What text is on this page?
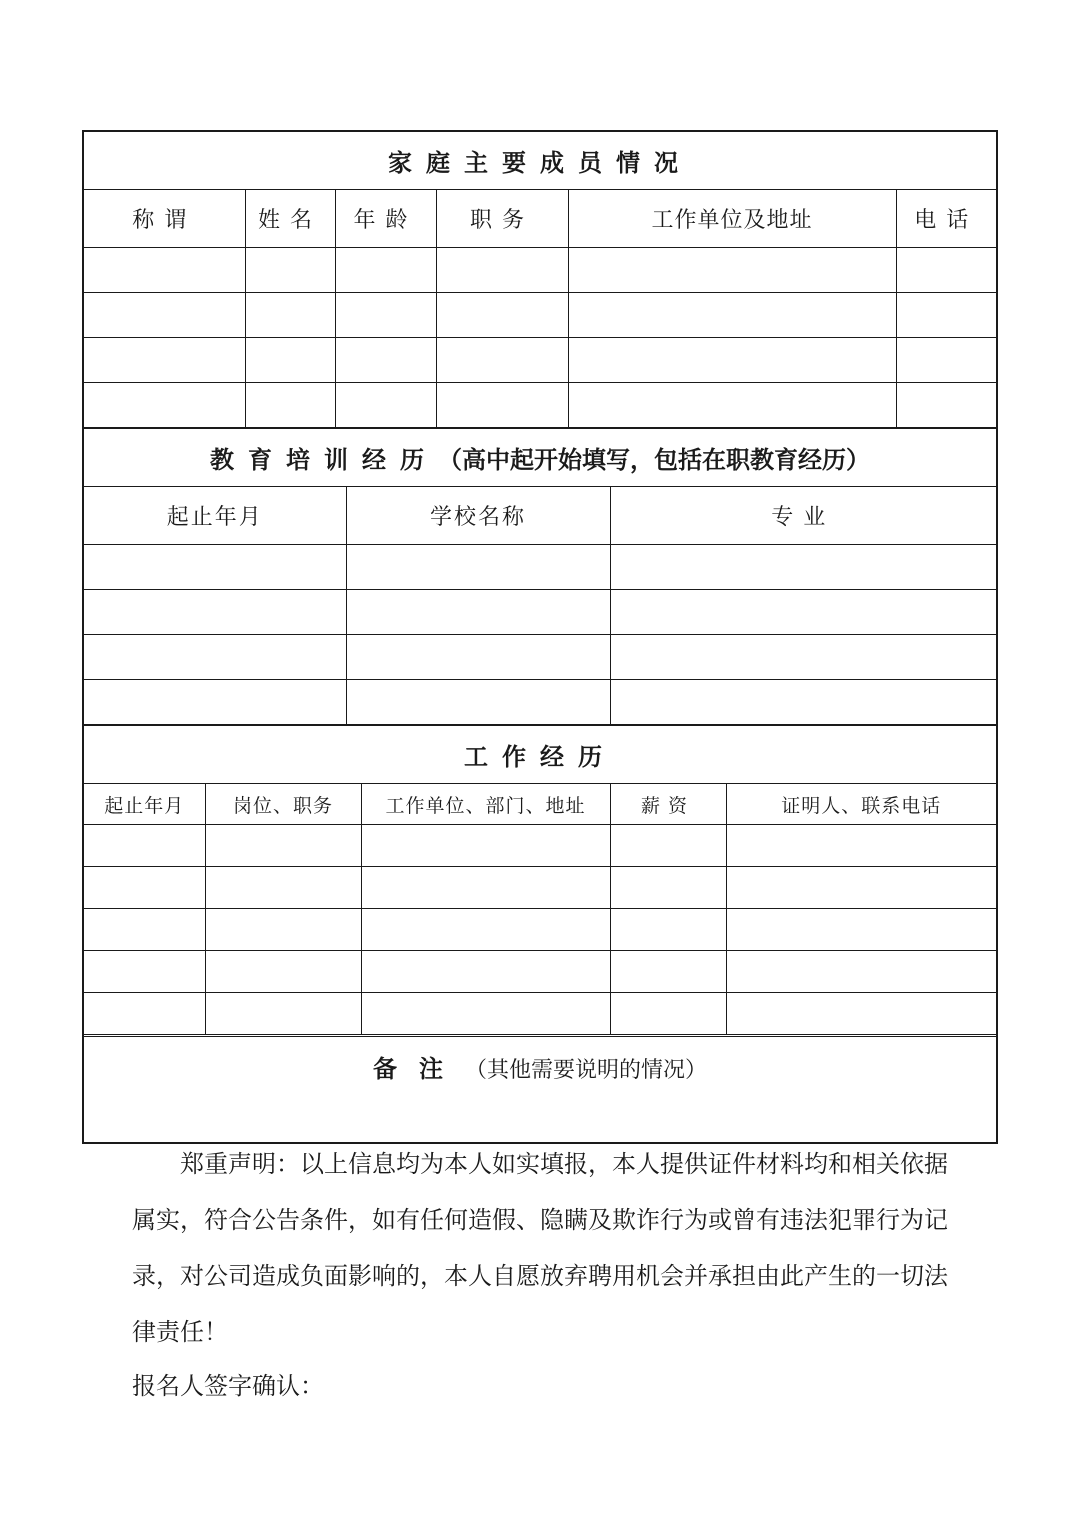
家庭主要成员情况					
称谓	姓名	年龄	职务	工作单位及地址	电话

教育培训经历（高中起开始填写，包括在职教育经历）		
起止年月	学校名称	专业

工作经历				
起止年月	岗位、职务	工作单位、部门、地址	薪资	证明人、联系电话

备注（其他需要说明的情况）

郑重声明：以上信息均为本人如实填报，本人提供证件材料均和相关依据属实，符合公告条件，如有任何造假、隐瞒及欺诈行为或曾有违法犯罪行为记录，对公司造成负面影响的，本人自愿放弃聘用机会并承担由此产生的一切法律责任！

报名人签字确认：
